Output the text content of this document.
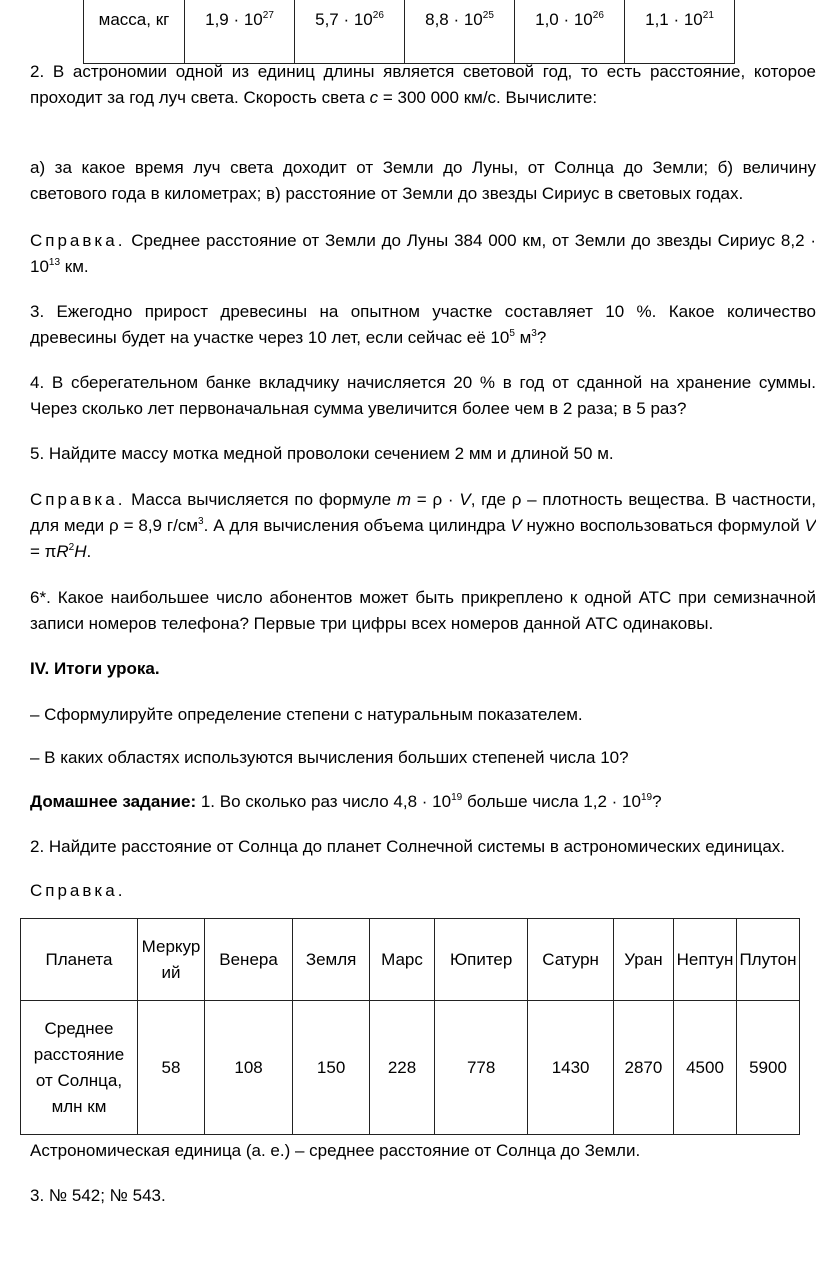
масса, кг	$1,9 \cdot 10^{27}$	$5,7 \cdot 10^{26}$	$8,8 \cdot 10^{25}$	$1,0 \cdot 10^{26}$	$1,1 \cdot 10^{21}$
2. В астрономии одной из единиц длины является световой год, то есть расстояние, которое проходит за год луч света. Скорость света c = 300 000 км/с. Вычислите:
а) за какое время луч света доходит от Земли до Луны, от Солнца до Земли; б) величину светового года в километрах; в) расстояние от Земли до звезды Сириус в световых годах.
Справка. Среднее расстояние от Земли до Луны 384 000 км, от Земли до звезды Сириус $8,2 \cdot 10^{13}$ км.
3. Ежегодно прирост древесины на опытном участке составляет 10 %. Какое количество древесины будет на участке через 10 лет, если сейчас её $10^5$ $м^3$?
4. В сберегательном банке вкладчику начисляется 20 % в год от сданной на хранение суммы. Через сколько лет первоначальная сумма увеличится более чем в 2 раза; в 5 раз?
5. Найдите массу мотка медной проволоки сечением 2 мм и длиной 50 м.
Справка. Масса вычисляется по формуле m = ρ · V, где ρ – плотность вещества. В частности, для меди ρ = 8,9 $г/см^3$. А для вычисления объема цилиндра V нужно воспользоваться формулой $V = \pi R^2H$.
6*. Какое наибольшее число абонентов может быть прикреплено к одной АТС при семизначной записи номеров телефона? Первые три цифры всех номеров данной АТС одинаковы.
IV. Итоги урока.
– Сформулируйте определение степени с натуральным показателем.
– В каких областях используются вычисления больших степеней числа 10?
Домашнее задание: 1. Во сколько раз число $4,8 \cdot 10^{19}$ больше числа $1,2 \cdot 10^{19}$?
2. Найдите расстояние от Солнца до планет Солнечной системы в астрономических единицах.
Справка.
Планета	Меркурий	Венера	Земля	Марс	Юпитер	Сатурн	Уран	Нептун	Плутон
Среднее расстояние от Солнца, млн км	58	108	150	228	778	1430	2870	4500	5900
Астрономическая единица (а. е.) – среднее расстояние от Солнца до Земли.
3. № 542; № 543.
